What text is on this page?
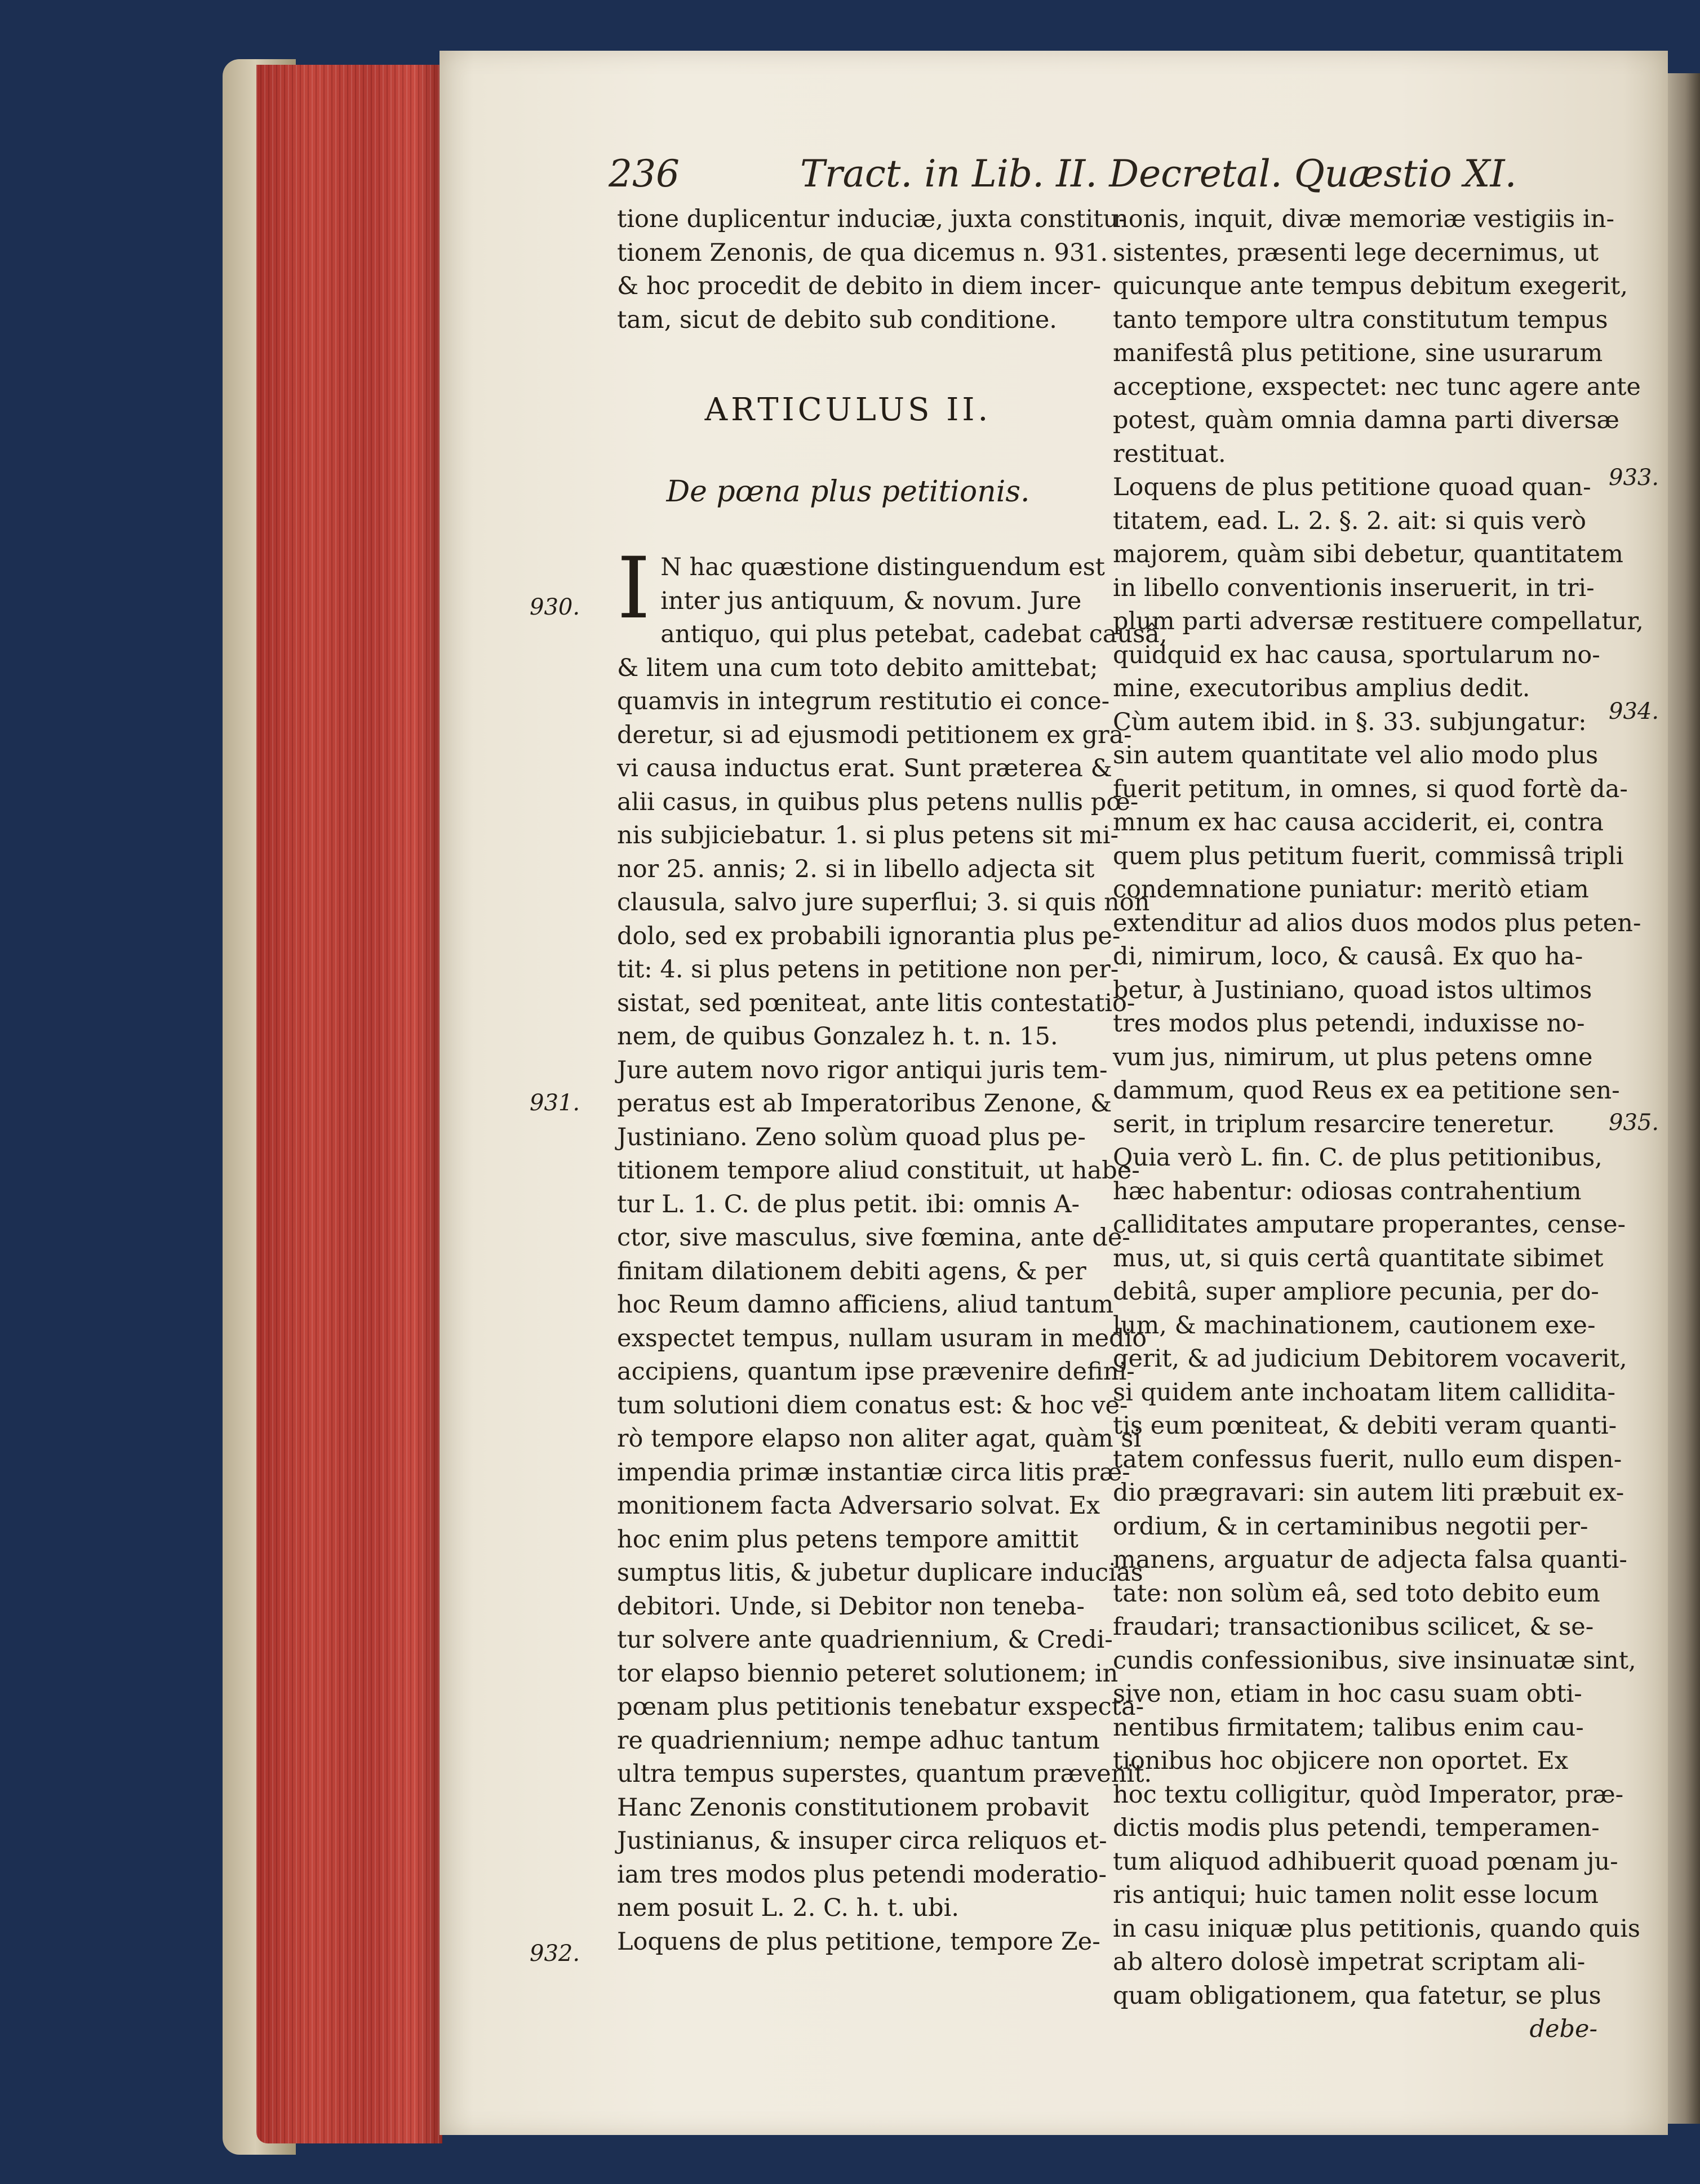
236	Tract. in Lib. II. Decretal. Quæstio XI.

tione duplicentur induciæ, juxta constitu-

tionem Zenonis, de qua dicemus n. 931.

& hoc procedit de debito in diem incer-

tam, sicut de debito sub conditione.

ARTICULUS II.

De pœna plus petitionis.

I N hac quæstione distinguendum est

inter jus antiquum, & novum. Jure

antiquo, qui plus petebat, cadebat causâ,

& litem una cum toto debito amittebat;

quamvis in integrum restitutio ei conce-

deretur, si ad ejusmodi petitionem ex gra-

vi causa inductus erat. Sunt præterea &

alii casus, in quibus plus petens nullis pœ-

nis subjiciebatur. 1. si plus petens sit mi-

nor 25. annis; 2. si in libello adjecta sit

clausula, salvo jure superflui; 3. si quis non

dolo, sed ex probabili ignorantia plus pe-

tit: 4. si plus petens in petitione non per-

sistat, sed pœniteat, ante litis contestatio-

nem, de quibus Gonzalez h. t. n. 15.

Jure autem novo rigor antiqui juris tem-

peratus est ab Imperatoribus Zenone, &

Justiniano. Zeno solùm quoad plus pe-

titionem tempore aliud constituit, ut habe-

tur L. 1. C. de plus petit. ibi: omnis A-

ctor, sive masculus, sive fœmina, ante de-

finitam dilationem debiti agens, & per

hoc Reum damno afficiens, aliud tantum

exspectet tempus, nullam usuram in medio

accipiens, quantum ipse prævenire defini-

tum solutioni diem conatus est: & hoc ve-

rò tempore elapso non aliter agat, quàm si

impendia primæ instantiæ circa litis præ-

monitionem facta Adversario solvat. Ex

hoc enim plus petens tempore amittit

sumptus litis, & jubetur duplicare inducias

debitori. Unde, si Debitor non tenеba-

tur solvere ante quadriennium, & Credi-

tor elapso biennio peteret solutionem; in

pœnam plus petitionis tenebatur exspecta-

re quadriennium; nempe adhuc tantum

ultra tempus superstes, quantum prævenit.

Hanc Zenonis constitutionem probavit

Justinianus, & insuper circa reliquos et-

iam tres modos plus petendi moderatio-

nem posuit L. 2. C. h. t. ubi.

Loquens de plus petitione, tempore Ze-

930.
931.
932.

nonis, inquit, divæ memoriæ vestigiis in-

sistentes, præsenti lege decernimus, ut

quicunque ante tempus debitum exegerit,

tanto tempore ultra constitutum tempus

manifestâ plus petitione, sine usurarum

acceptione, exspectet: nec tunc agere ante

potest, quàm omnia damna parti diversæ

restituat.

Loquens de plus petitione quoad quan-

titatem, ead. L. 2. §. 2. ait: si quis verò

majorem, quàm sibi debetur, quantitatem

in libello conventionis inseruerit, in tri-

plum parti adversæ restituere compellatur,

quidquid ex hac causa, sportularum no-

mine, executoribus amplius dedit.

Cùm autem ibid. in §. 33. subjungatur:

sin autem quantitate vel alio modo plus

fuerit petitum, in omnes, si quod fortè da-

mnum ex hac causa acciderit, ei, contra

quem plus petitum fuerit, commissâ tripli

condemnatione puniatur: meritò etiam

extenditur ad alios duos modos plus peten-

di, nimirum, loco, & causâ. Ex quo ha-

betur, à Justiniano, quoad istos ultimos

tres modos plus petendi, induxisse no-

vum jus, nimirum, ut plus petens omne

dammum, quod Reus ex ea petitione sen-

serit, in triplum resarcire teneretur.

Quia verò L. fin. C. de plus petitionibus,

hæc habentur: odiosas contrahentium

calliditates amputare properantes, cense-

mus, ut, si quis certâ quantitate sibimet

debitâ, super ampliore pecunia, per do-

lum, & machinationem, cautionem exe-

gerit, & ad judicium Debitorem vocaverit,

si quidem ante inchoatam litem callidita-

tis eum pœniteat, & debiti veram quanti-

tatem confessus fuerit, nullo eum dispen-

dio prægravari: sin autem liti præbuit ex-

ordium, & in certaminibus negotii per-

manens, arguatur de adjecta falsa quanti-

tate: non solùm eâ, sed toto debito eum

fraudari; transactionibus scilicet, & se-

cundis confessionibus, sive insinuatæ sint,

sive non, etiam in hoc casu suam obti-

nentibus firmitatem; talibus enim cau-

tionibus hoc objicere non oportet. Ex

hoc textu colligitur, quòd Imperator, præ-

dictis modis plus petendi, temperamen-

tum aliquod adhibuerit quoad pœnam ju-

ris antiqui; huic tamen nolit esse locum

in casu iniquæ plus petitionis, quando quis

ab altero dolosè impetrat scriptam ali-

quam obligationem, qua fatetur, se plus

debe-

933.
934.
935.
